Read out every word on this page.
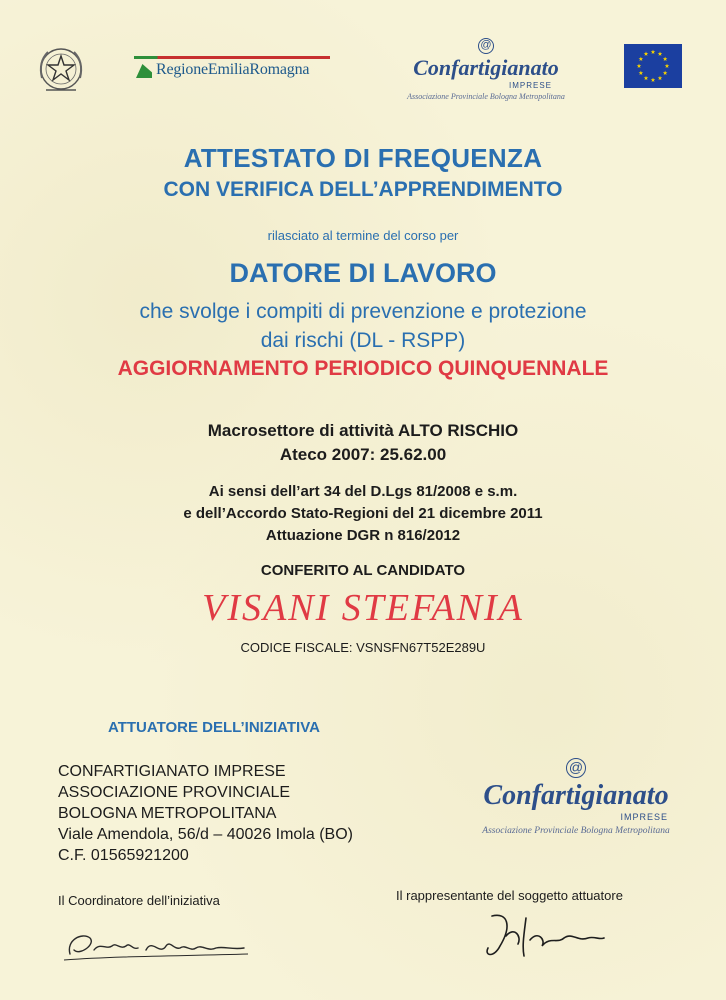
RegioneEmiliaRomagna
@
Confartigianato
IMPRESE
Associazione Provinciale Bologna Metropolitana
ATTESTATO DI FREQUENZA
CON VERIFICA DELL’APPRENDIMENTO
rilasciato al termine del corso per
DATORE DI LAVORO
che svolge i compiti di prevenzione e protezione
dai rischi (DL - RSPP)
AGGIORNAMENTO PERIODICO QUINQUENNALE
Macrosettore di attività ALTO RISCHIO
Ateco 2007: 25.62.00
Ai sensi dell’art 34 del D.Lgs 81/2008 e s.m.
e dell’Accordo Stato-Regioni del 21 dicembre 2011
Attuazione DGR n 816/2012
CONFERITO AL CANDIDATO
VISANI STEFANIA
CODICE FISCALE: VSNSFN67T52E289U
ATTUATORE DELL’INIZIATIVA
CONFARTIGIANATO IMPRESE
ASSOCIAZIONE PROVINCIALE
BOLOGNA METROPOLITANA
Viale Amendola, 56/d – 40026 Imola (BO)
C.F. 01565921200
@
Confartigianato
IMPRESE
Associazione Provinciale Bologna Metropolitana
Il Coordinatore dell’iniziativa	Il rappresentante del soggetto attuatore
